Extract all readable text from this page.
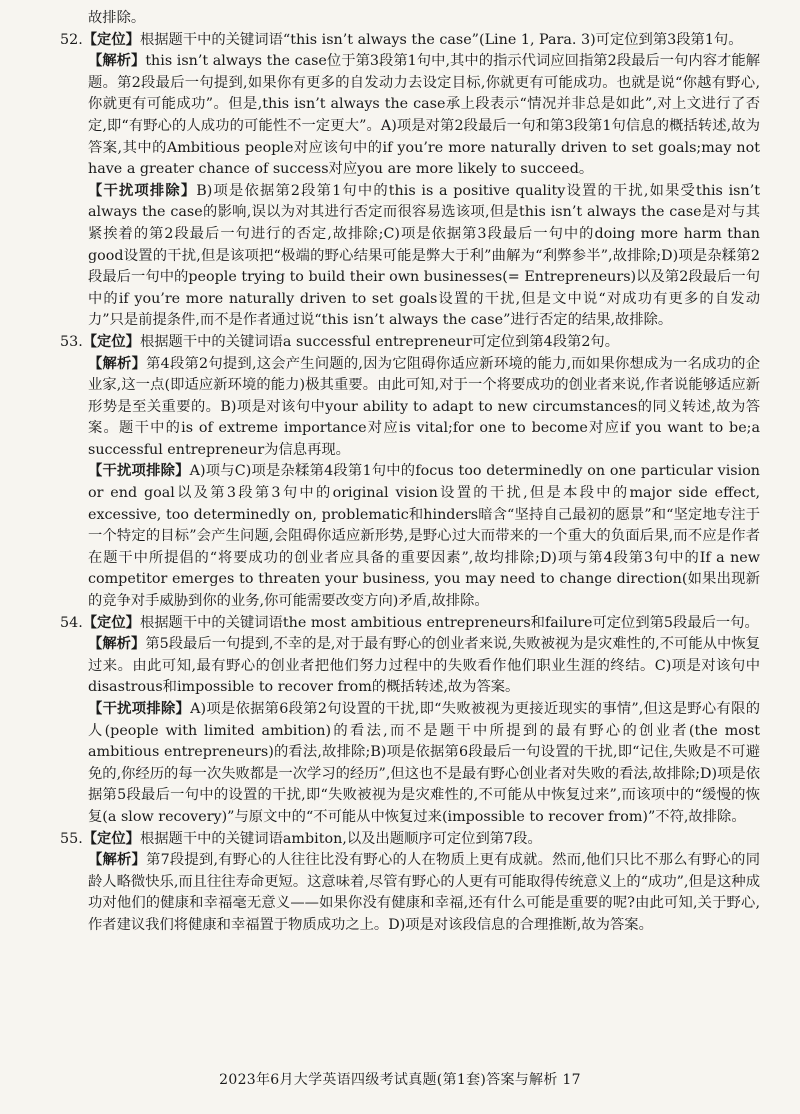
故排除。

52.【定位】根据题干中的关键词语“this isn’t always the case”(Line 1, Para. 3)可定位到第3段第1句。

【解析】this isn’t always the case位于第3段第1句中,其中的指示代词应回指第2段最后一句内容才能解题。第2段最后一句提到,如果你有更多的自发动力去设定目标,你就更有可能成功。也就是说“你越有野心,你就更有可能成功”。但是,this isn’t always the case承上段表示“情况并非总是如此”,对上文进行了否定,即“有野心的人成功的可能性不一定更大”。A)项是对第2段最后一句和第3段第1句信息的概括转述,故为答案,其中的Ambitious people对应该句中的if you’re more naturally driven to set goals;may not have a greater chance of success对应you are more likely to succeed。

【干扰项排除】B)项是依据第2段第1句中的this is a positive quality设置的干扰,如果受this isn’t always the case的影响,误以为对其进行否定而很容易选该项,但是this isn’t always the case是对与其紧挨着的第2段最后一句进行的否定,故排除;C)项是依据第3段最后一句中的doing more harm than good设置的干扰,但是该项把“极端的野心结果可能是弊大于利”曲解为“利弊参半”,故排除;D)项是杂糅第2段最后一句中的people trying to build their own businesses(= Entrepreneurs)以及第2段最后一句中的if you’re more naturally driven to set goals设置的干扰,但是文中说“对成功有更多的自发动力”只是前提条件,而不是作者通过说“this isn’t always the case”进行否定的结果,故排除。

53.【定位】根据题干中的关键词语a successful entrepreneur可定位到第4段第2句。

【解析】第4段第2句提到,这会产生问题的,因为它阻碍你适应新环境的能力,而如果你想成为一名成功的企业家,这一点(即适应新环境的能力)极其重要。由此可知,对于一个将要成功的创业者来说,作者说能够适应新形势是至关重要的。B)项是对该句中your ability to adapt to new circumstances的同义转述,故为答案。题干中的is of extreme importance对应is vital;for one to become对应if you want to be;a successful entrepreneur为信息再现。

【干扰项排除】A)项与C)项是杂糅第4段第1句中的focus too determinedly on one particular vision or end goal以及第3段第3句中的original vision设置的干扰,但是本段中的major side effect, excessive, too determinedly on, problematic和hinders暗含“坚持自己最初的愿景”和“坚定地专注于一个特定的目标”会产生问题,会阻碍你适应新形势,是野心过大而带来的一个重大的负面后果,而不应是作者在题干中所提倡的“将要成功的创业者应具备的重要因素”,故均排除;D)项与第4段第3句中的If a new competitor emerges to threaten your business, you may need to change direction(如果出现新的竞争对手威胁到你的业务,你可能需要改变方向)矛盾,故排除。

54.【定位】根据题干中的关键词语the most ambitious entrepreneurs和failure可定位到第5段最后一句。

【解析】第5段最后一句提到,不幸的是,对于最有野心的创业者来说,失败被视为是灾难性的,不可能从中恢复过来。由此可知,最有野心的创业者把他们努力过程中的失败看作他们职业生涯的终结。C)项是对该句中disastrous和impossible to recover from的概括转述,故为答案。

【干扰项排除】A)项是依据第6段第2句设置的干扰,即“失败被视为更接近现实的事情”,但这是野心有限的人(people with limited ambition)的看法,而不是题干中所提到的最有野心的创业者(the most ambitious entrepreneurs)的看法,故排除;B)项是依据第6段最后一句设置的干扰,即“记住,失败是不可避免的,你经历的每一次失败都是一次学习的经历”,但这也不是最有野心创业者对失败的看法,故排除;D)项是依据第5段最后一句中的设置的干扰,即“失败被视为是灾难性的,不可能从中恢复过来”,而该项中的“缓慢的恢复(a slow recovery)”与原文中的“不可能从中恢复过来(impossible to recover from)”不符,故排除。

55.【定位】根据题干中的关键词语ambiton,以及出题顺序可定位到第7段。

【解析】第7段提到,有野心的人往往比没有野心的人在物质上更有成就。然而,他们只比不那么有野心的同龄人略微快乐,而且往往寿命更短。这意味着,尽管有野心的人更有可能取得传统意义上的“成功”,但是这种成功对他们的健康和幸福毫无意义——如果你没有健康和幸福,还有什么可能是重要的呢?由此可知,关于野心,作者建议我们将健康和幸福置于物质成功之上。D)项是对该段信息的合理推断,故为答案。

2023年6月大学英语四级考试真题(第1套)答案与解析 17
